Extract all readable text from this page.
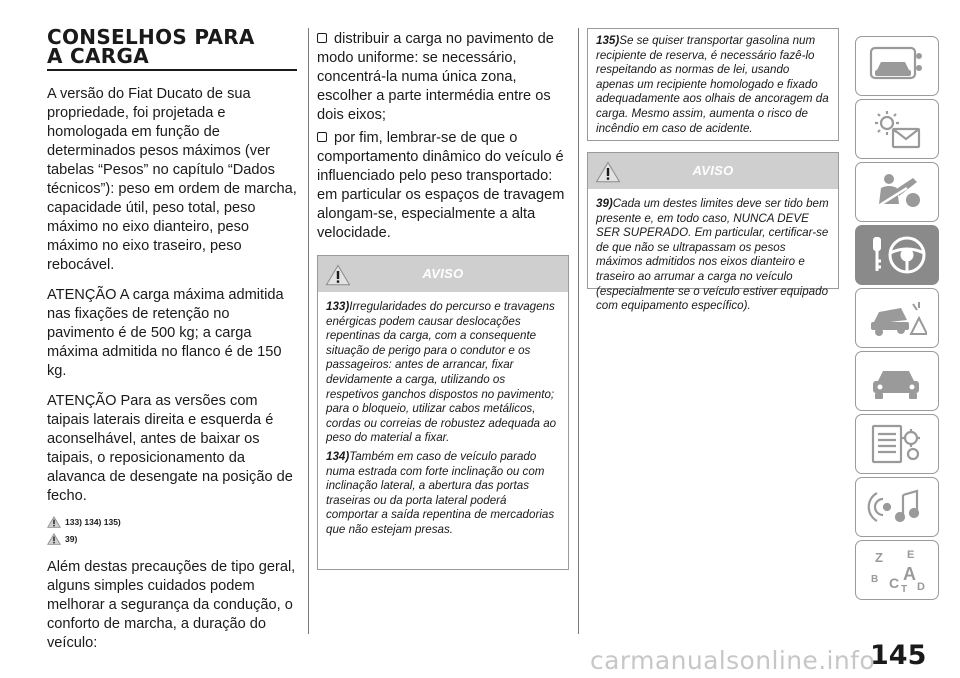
CONSELHOS PARA
A CARGA

A versão do Fiat Ducato de sua propriedade, foi projetada e homologada em função de determinados pesos máximos (ver tabelas “Pesos” no capítulo “Dados técnicos”): peso em ordem de marcha, capacidade útil, peso total, peso máximo no eixo dianteiro, peso máximo no eixo traseiro, peso rebocável.

ATENÇÃO A carga máxima admitida nas fixações de retenção no pavimento é de 500 kg; a carga máxima admitida no flanco é de 150 kg.

ATENÇÃO Para as versões com taipais laterais direita e esquerda é aconselhável, antes de baixar os taipais, o reposicionamento da alavanca de desengate na posição de fecho.

133) 134) 135)
39)

Além destas precauções de tipo geral, alguns simples cuidados podem melhorar a segurança da condução, o conforto de marcha, a duração do veículo:

distribuir a carga no pavimento de modo uniforme: se necessário, concentrá-la numa única zona, escolher a parte intermédia entre os dois eixos;
por fim, lembrar-se de que o comportamento dinâmico do veículo é influenciado pelo peso transportado: em particular os espaços de travagem alongam-se, especialmente a alta velocidade.
AVISO

133)Irregularidades do percurso e travagens enérgicas podem causar deslocações repentinas da carga, com a consequente situação de perigo para o condutor e os passageiros: antes de arrancar, fixar devidamente a carga, utilizando os respetivos ganchos dispostos no pavimento; para o bloqueio, utilizar cabos metálicos, cordas ou correias de robustez adequada ao peso do material a fixar.

134)Também em caso de veículo parado numa estrada com forte inclinação ou com inclinação lateral, a abertura das portas traseiras ou da porta lateral poderá comportar a saída repentina de mercadorias que não estejam presas.

135)Se se quiser transportar gasolina num recipiente de reserva, é necessário fazê-lo respeitando as normas de lei, usando apenas um recipiente homologado e fixado adequadamente aos olhais de ancoragem da carga. Mesmo assim, aumenta o risco de incêndio em caso de acidente.
AVISO

39)Cada um destes limites deve ser tido bem presente e, em todo caso, NUNCA DEVE SER SUPERADO. Em particular, certificar-se de que não se ultrapassam os pesos máximos admitidos nos eixos dianteiro e traseiro ao arrumar a carga no veículo (especialmente se o veículo estiver equipado com equipamento específico).

Z E
B C A
D
T
145
carmanualsonline.info
